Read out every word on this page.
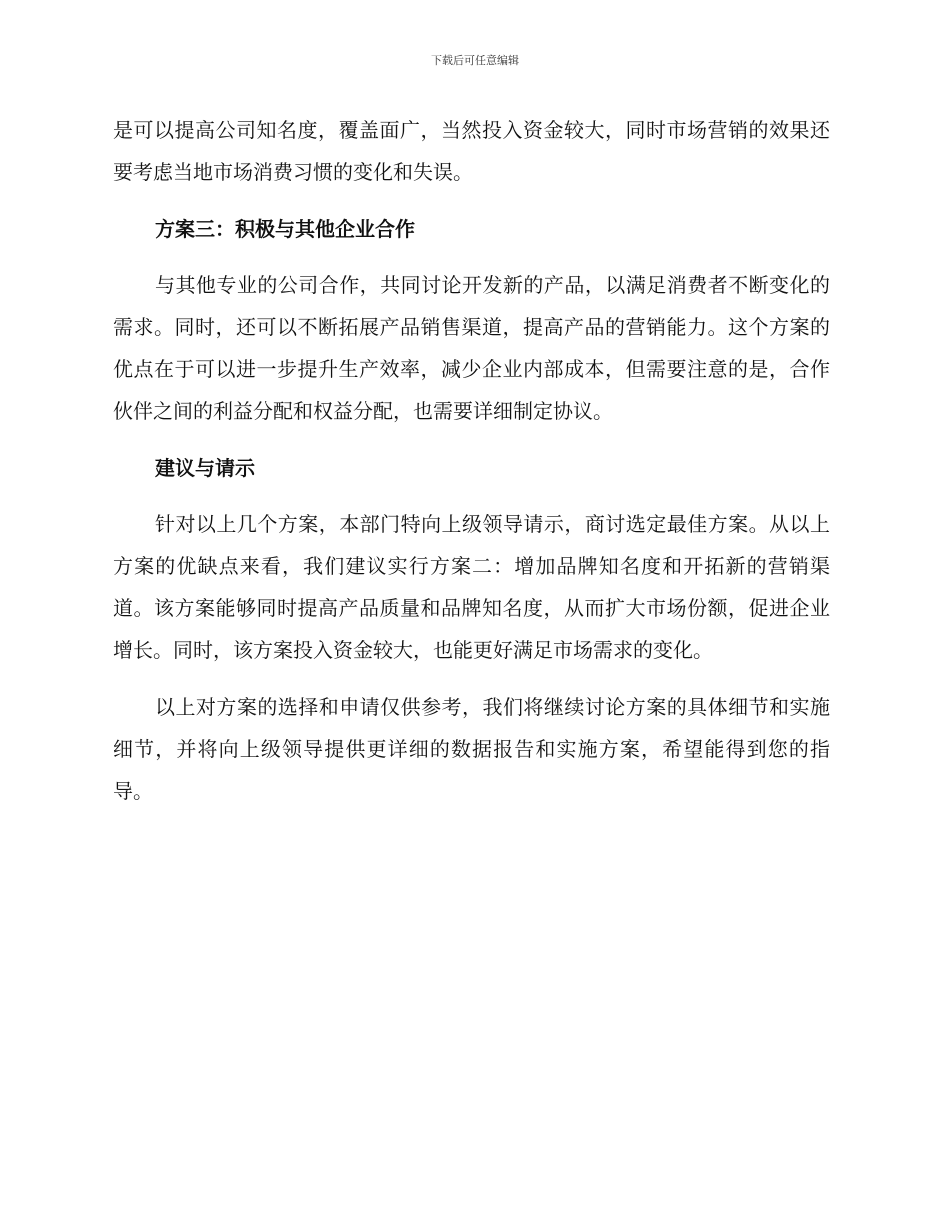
下载后可任意编辑

是可以提高公司知名度，覆盖面广，当然投入资金较大，同时市场营销的效果还要考虑当地市场消费习惯的变化和失误。

方案三：积极与其他企业合作

与其他专业的公司合作，共同讨论开发新的产品，以满足消费者不断变化的需求。同时，还可以不断拓展产品销售渠道，提高产品的营销能力。这个方案的优点在于可以进一步提升生产效率，减少企业内部成本，但需要注意的是，合作伙伴之间的利益分配和权益分配，也需要详细制定协议。

建议与请示

针对以上几个方案，本部门特向上级领导请示，商讨选定最佳方案。从以上方案的优缺点来看，我们建议实行方案二：增加品牌知名度和开拓新的营销渠道。该方案能够同时提高产品质量和品牌知名度，从而扩大市场份额，促进企业增长。同时，该方案投入资金较大，也能更好满足市场需求的变化。

以上对方案的选择和申请仅供参考，我们将继续讨论方案的具体细节和实施细节，并将向上级领导提供更详细的数据报告和实施方案，希望能得到您的指导。
